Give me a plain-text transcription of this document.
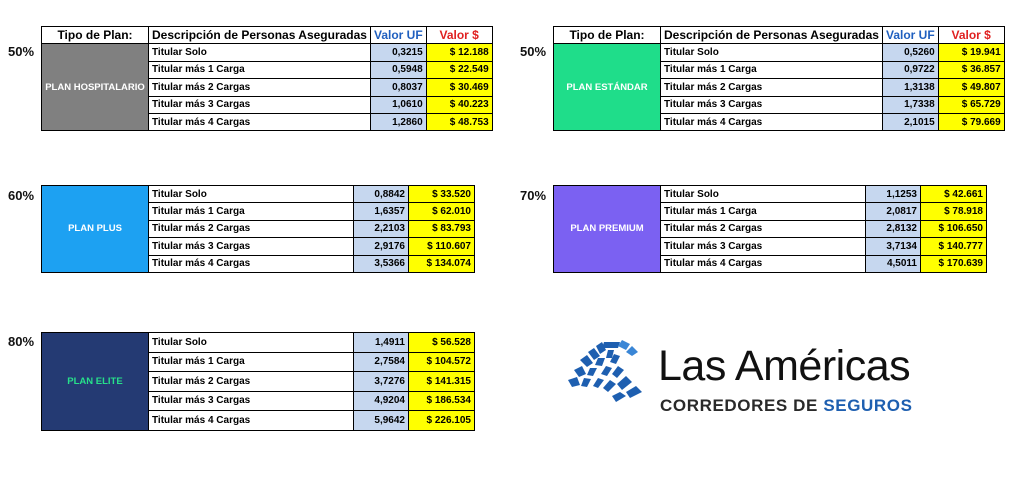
50%
Tipo de Plan:	Descripción de Personas Aseguradas	Valor UF	Valor $
PLAN HOSPITALARIO	Titular Solo	0,3215	$ 12.188
	Titular más 1 Carga	0,5948	$ 22.549
	Titular más 2 Cargas	0,8037	$ 30.469
	Titular más 3 Cargas	1,0610	$ 40.223
	Titular más 4 Cargas	1,2860	$ 48.753
50%
Tipo de Plan:	Descripción de Personas Aseguradas	Valor UF	Valor $
PLAN ESTÁNDAR	Titular Solo	0,5260	$ 19.941
	Titular más 1 Carga	0,9722	$ 36.857
	Titular más 2 Cargas	1,3138	$ 49.807
	Titular más 3 Cargas	1,7338	$ 65.729
	Titular más 4 Cargas	2,1015	$ 79.669
60%
PLAN PLUS	Titular Solo	0,8842	$ 33.520
	Titular más 1 Carga	1,6357	$ 62.010
	Titular más 2 Cargas	2,2103	$ 83.793
	Titular más 3 Cargas	2,9176	$ 110.607
	Titular más 4 Cargas	3,5366	$ 134.074
70%
PLAN PREMIUM	Titular Solo	1,1253	$ 42.661
	Titular más 1 Carga	2,0817	$ 78.918
	Titular más 2 Cargas	2,8132	$ 106.650
	Titular más 3 Cargas	3,7134	$ 140.777
	Titular más 4 Cargas	4,5011	$ 170.639
80%
PLAN ELITE	Titular Solo	1,4911	$ 56.528
	Titular más 1 Carga	2,7584	$ 104.572
	Titular más 2 Cargas	3,7276	$ 141.315
	Titular más 3 Cargas	4,9204	$ 186.534
	Titular más 4 Cargas	5,9642	$ 226.105
Las Américas
CORREDORES DE SEGUROS
